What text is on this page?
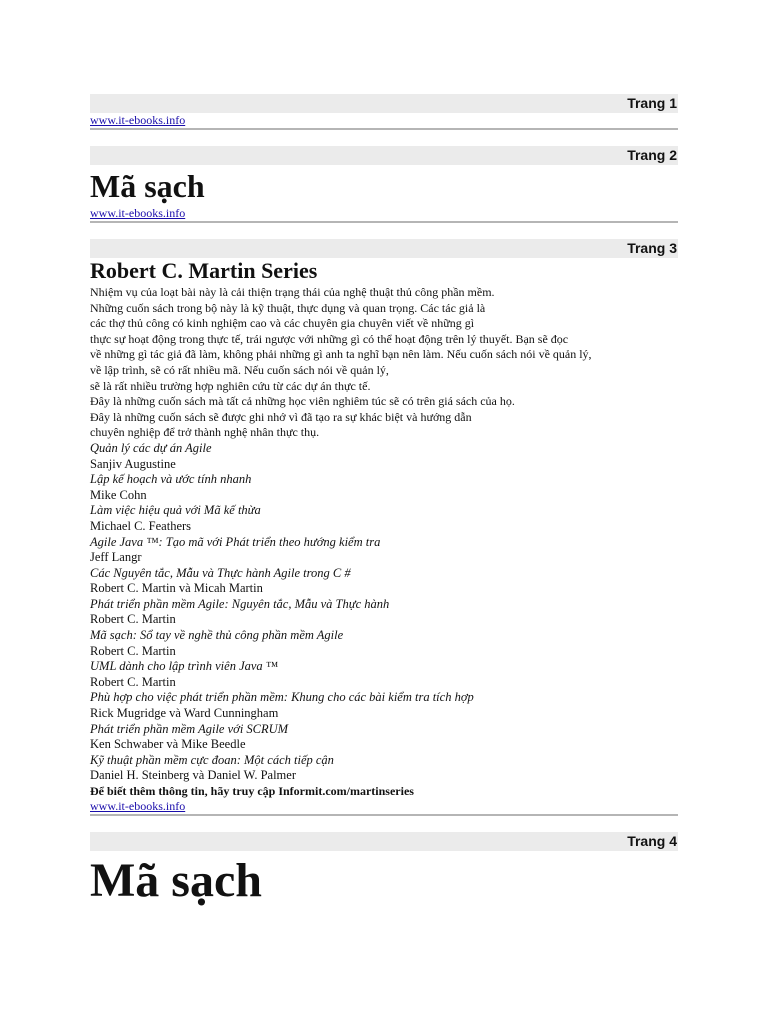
Trang 1
www.it-ebooks.info
Trang 2
Mã sạch
www.it-ebooks.info
Trang 3
Robert C. Martin Series
Nhiệm vụ của loạt bài này là cải thiện trạng thái của nghệ thuật thủ công phần mềm.
Những cuốn sách trong bộ này là kỹ thuật, thực dụng và quan trọng. Các tác giả là
các thợ thủ công có kinh nghiệm cao và các chuyên gia chuyên viết về những gì
thực sự hoạt động trong thực tế, trái ngược với những gì có thể hoạt động trên lý thuyết. Bạn sẽ đọc
về những gì tác giả đã làm, không phải những gì anh ta nghĩ bạn nên làm. Nếu cuốn sách nói về quản lý,
về lập trình, sẽ có rất nhiều mã. Nếu cuốn sách nói về quản lý,
sẽ là rất nhiều trường hợp nghiên cứu từ các dự án thực tế.
Đây là những cuốn sách mà tất cả những học viên nghiêm túc sẽ có trên giá sách của họ.
Đây là những cuốn sách sẽ được ghi nhớ vì đã tạo ra sự khác biệt và hướng dẫn
chuyên nghiệp để trở thành nghệ nhân thực thụ.
Quản lý các dự án Agile
Sanjiv Augustine
Lập kế hoạch và ước tính nhanh
Mike Cohn
Làm việc hiệu quả với Mã kế thừa
Michael C. Feathers
Agile Java ™: Tạo mã với Phát triển theo hướng kiểm tra
Jeff Langr
Các Nguyên tắc, Mẫu và Thực hành Agile trong C #
Robert C. Martin và Micah Martin
Phát triển phần mềm Agile: Nguyên tắc, Mẫu và Thực hành
Robert C. Martin
Mã sạch: Sổ tay về nghề thủ công phần mềm Agile
Robert C. Martin
UML dành cho lập trình viên Java ™
Robert C. Martin
Phù hợp cho việc phát triển phần mềm: Khung cho các bài kiểm tra tích hợp
Rick Mugridge và Ward Cunningham
Phát triển phần mềm Agile với SCRUM
Ken Schwaber và Mike Beedle
Kỹ thuật phần mềm cực đoan: Một cách tiếp cận
Daniel H. Steinberg và Daniel W. Palmer
Để biết thêm thông tin, hãy truy cập Informit.com/martinseries
www.it-ebooks.info
Trang 4
Mã sạch
